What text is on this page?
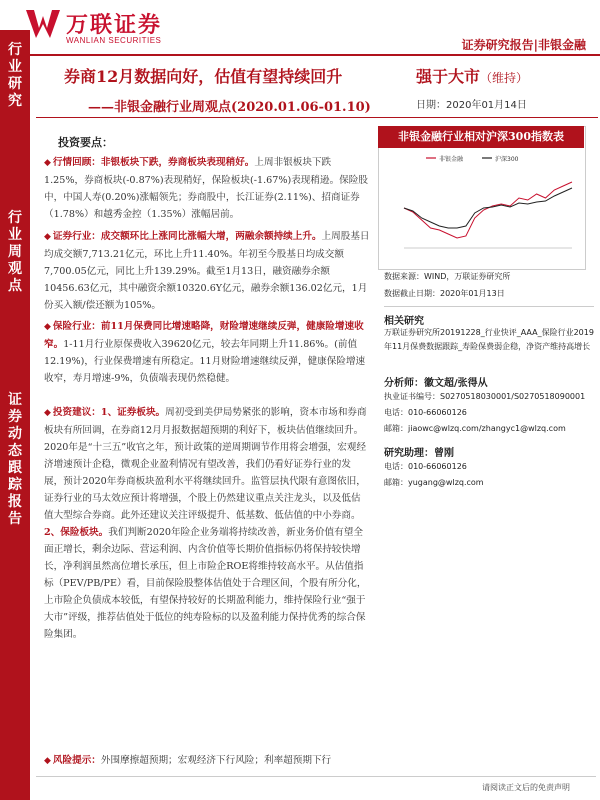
万联证券
WANLIAN SECURITIES	证券研究报告|非银金融
行
业
研
究
行
业
周
观
点
证
券
动
态
跟
踪
报
告
券商12月数据向好，估值有望持续回升
——非银金融行业周观点(2020.01.06-01.10)
强于大市（维持）
日期：2020年01月14日
投资要点：
◆ 行情回顾：非银板块下跌，券商板块表现稍好。上周非银板块下跌1.25%，券商板块(-0.87%)表现稍好，保险板块(-1.67%)表现稍逊。保险股中，中国人寿(0.20%)涨幅领先；券商股中，长江证券(2.11%)、招商证券（1.78%）和越秀金控（1.35%）涨幅居前。
◆ 证券行业：成交额环比上涨同比涨幅大增，两融余额持续上升。上周股基日均成交额7,713.21亿元，环比上升11.40%。年初至今股基日均成交额7,700.05亿元，同比上升139.29%。截至1月13日，融资融券余额10456.63亿元，其中融资余额10320.6Y亿元，融券余额136.02亿元，1月份买入额/偿还额为105%。
◆ 保险行业：前11月保费同比增速略降，财险增速继续反弹，健康险增速收窄。1-11月行业原保费收入39620亿元，较去年同期上升11.86%。(前值12.19%)，行业保费增速有所稳定。11月财险增速继续反弹，健康保险增速收窄，寿月增速-9%，负债端表现仍然稳健。
◆ 投资建议：1、证券板块。周初受到美伊局势紧张的影响，资本市场和券商板块有所回调，在券商12月月报数据超预期的利好下，板块估值继续回升。2020年是“十三五”收官之年，预计政策的逆周期调节作用将会增强，宏观经济增速预计企稳，微观企业盈利情况有望改善，我们仍看好证券行业的发展，预计2020年券商板块盈利水平将继续回升。监管层执代限有意图依旧，证券行业的马太效应预计将增强，个股上仍然建议重点关注龙头，以及低估值大型综合券商。此外还建议关注评级提升、低基数、低估值的中小券商。
2、保险板块。我们判断2020年险企业务端将持续改善，新业务价值有望全面正增长，剩余边际、营运利润、内含价值等长期价值指标仍将保持较快增长，净利润虽然高位增长承压，但上市险企ROE将维持较高水平。从估值指标（PEV/PB/PE）看，目前保险股整体估值处于合理区间，个股有所分化，上市险企负债成本较低，有望保持较好的长期盈利能力，维持保险行业“强于大市”评级，推荐估值处于低位的纯寿险标的以及盈利能力保持优秀的综合保险集团。
◆ 风险提示：外围摩擦超预期；宏观经济下行风险；利率超预期下行
非银金融行业相对沪深300指数表
非银金融	沪深300
数据来源：WIND，万联证券研究所
数据截止日期：2020年01月13日
相关研究
万联证券研究所20191228_行业快评_AAA_保险行业2019年11月保费数据跟踪_寿险保费弱企稳，净资产维持高增长
分析师：徽文超/张得从
执业证书编号：S0270518030001/S0270518090001
电话：010-66060126
邮箱：jiaowc@wlzq.com/zhangyc1@wlzq.com
研究助理：曾刚
电话：010-66060126
邮箱：yugang@wlzq.com
请阅读正文后的免责声明
